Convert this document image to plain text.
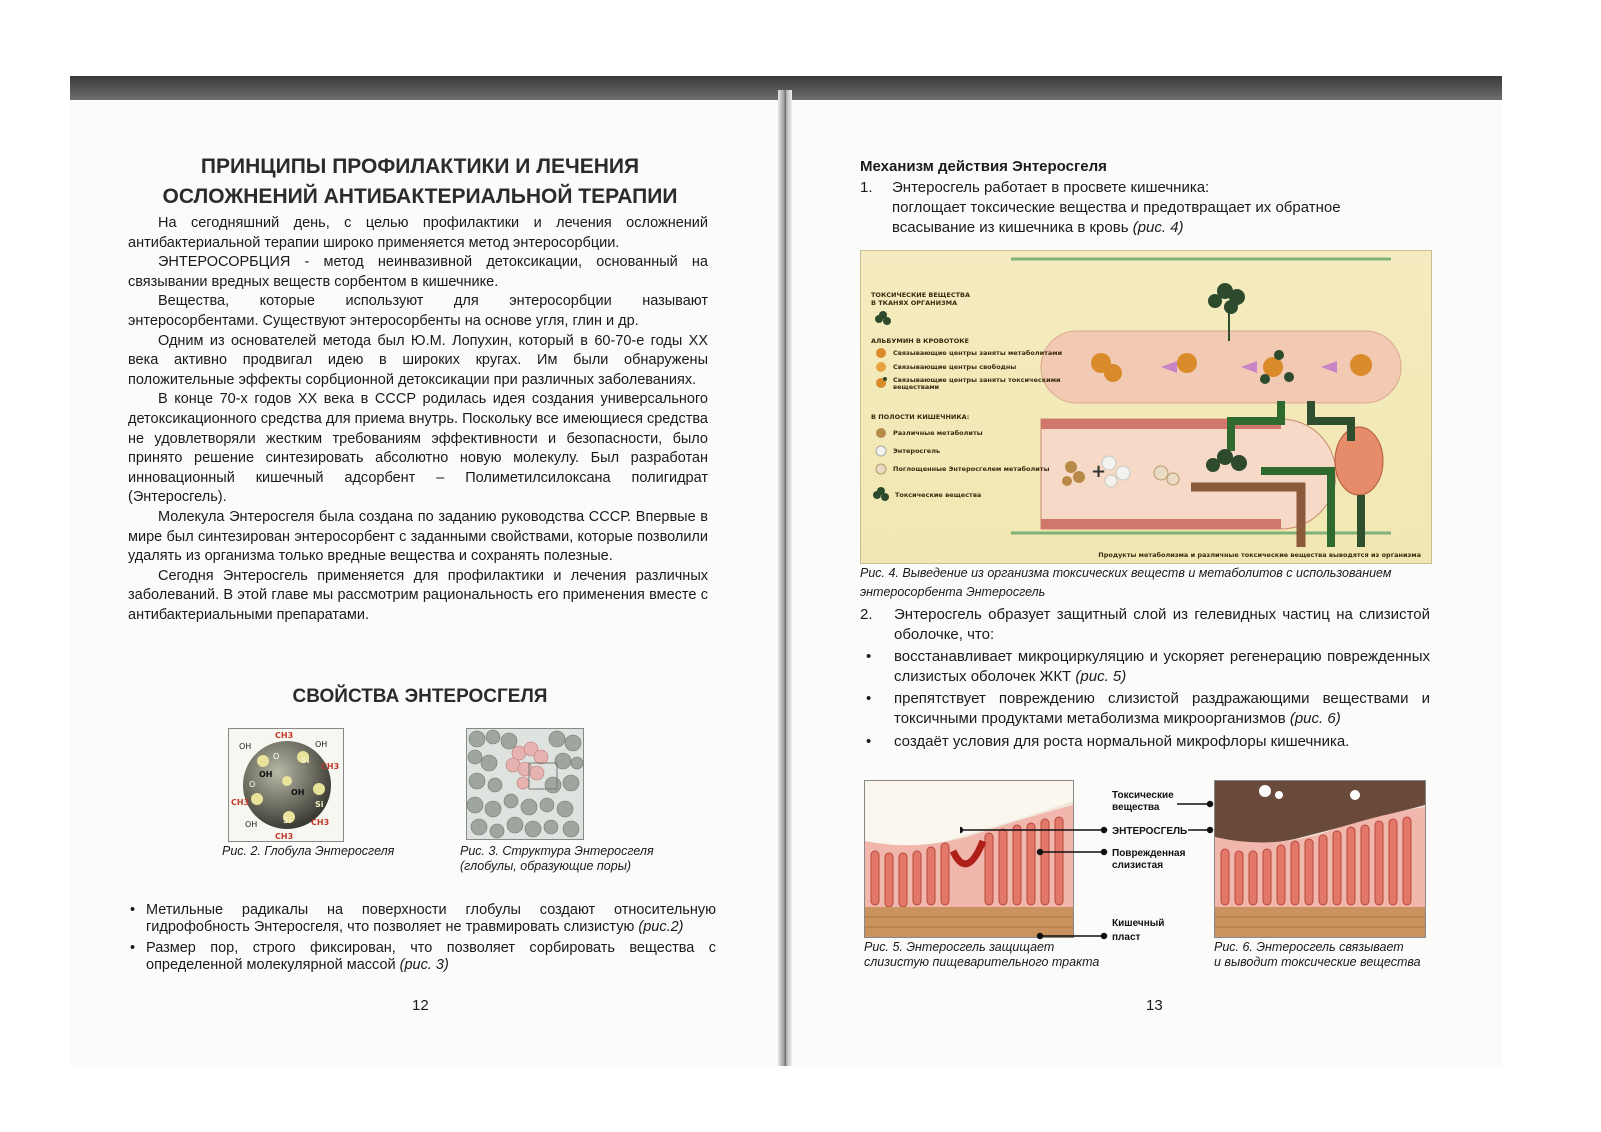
ПРИНЦИПЫ ПРОФИЛАКТИКИ И ЛЕЧЕНИЯ
ОСЛОЖНЕНИЙ АНТИБАКТЕРИАЛЬНОЙ ТЕРАПИИ

На сегодняшний день, с целью профилактики и лечения осложнений антибактериальной терапии широко применяется метод энтеросорбции.

ЭНТЕРОСОРБЦИЯ - метод неинвазивной детоксикации, основанный на связывании вредных веществ сорбентом в кишечнике.

Вещества, которые используют для энтеросорбции называют энтеросорбентами. Существуют энтеросорбенты на основе угля, глин и др.

Одним из основателей метода был Ю.М. Лопухин, который в 60-70-е годы XX века активно продвигал идею в широких кругах. Им были обнаружены положительные эффекты сорбционной детоксикации при различных заболеваниях.

В конце 70-х годов XX века в СССР родилась идея создания универсального детоксикационного средства для приема внутрь. Поскольку все имеющиеся средства не удовлетворяли жестким требованиям эффективности и безопасности, было принято решение синтезировать абсолютно новую молекулу. Был разработан инновационный кишечный адсорбент – Полиметилсилоксана полигидрат (Энтеросгель).

Молекула Энтеросгеля была создана по заданию руководства СССР. Впервые в мире был синтезирован энтеросорбент с заданными свойствами, которые позволили удалять из организма только вредные вещества и сохранять полезные.

Сегодня Энтеросгель применяется для профилактики и лечения различных заболеваний. В этой главе мы рассмотрим рациональность его применения вместе с антибактериальными препаратами.

СВОЙСТВА ЭНТЕРОСГЕЛЯ
CH3
CH3
CH3
CH3
CH3
OH	OH
OH
OH
OH
Si
Si
Si
O
O
Рис. 2. Глобула Энтеросгеля	Рис. 3. Структура Энтеросгеля
(глобулы, образующие поры)
• Метильные радикалы на поверхности глобулы создают относительную гидрофобность Энтеросгеля, что позволяет не травмировать слизистую (рис.2)
• Размер пор, строго фиксирован, что позволяет сорбировать вещества с определенной молекулярной массой (рис. 3)
12
Механизм действия Энтеросгеля
1. Энтеросгель работает в просвете кишечника:
поглощает токсические вещества и предотвращает их обратное
всасывание из кишечника в кровь (рис. 4)
+
ТОКСИЧЕСКИЕ ВЕЩЕСТВА
В ТКАНЯХ ОРГАНИЗМА
АЛЬБУМИН В КРОВОТОКЕ
Связывающие центры заняты метаболитами
Связывающие центры свободны
Связывающие центры заняты токсическими
веществами
В ПОЛОСТИ КИШЕЧНИКА:
Различные метаболиты
Энтеросгель
Поглощенные Энтеросгелем метаболиты
Токсические вещества
Продукты метаболизма и различные токсические вещества выводятся из организма
Рис. 4. Выведение из организма токсических веществ и метаболитов с использованием
энтеросорбента Энтеросгель
2. Энтеросгель образует защитный слой из гелевидных частиц на слизистой оболочке, что:
• восстанавливает микроциркуляцию и ускоряет регенерацию поврежденных слизистых оболочек ЖКТ (рис. 5)
• препятствует повреждению слизистой раздражающими веществами и токсичными продуктами метаболизма микроорганизмов (рис. 6)
• создаёт условия для роста нормальной микрофлоры кишечника.
Токсические
вещества
ЭНТЕРОСГЕЛЬ
Поврежденная
слизистая
Кишечный
пласт
Рис. 5. Энтеросгель защищает
слизистую пищеварительного тракта
Рис. 6. Энтеросгель связывает
и выводит токсические вещества
13
